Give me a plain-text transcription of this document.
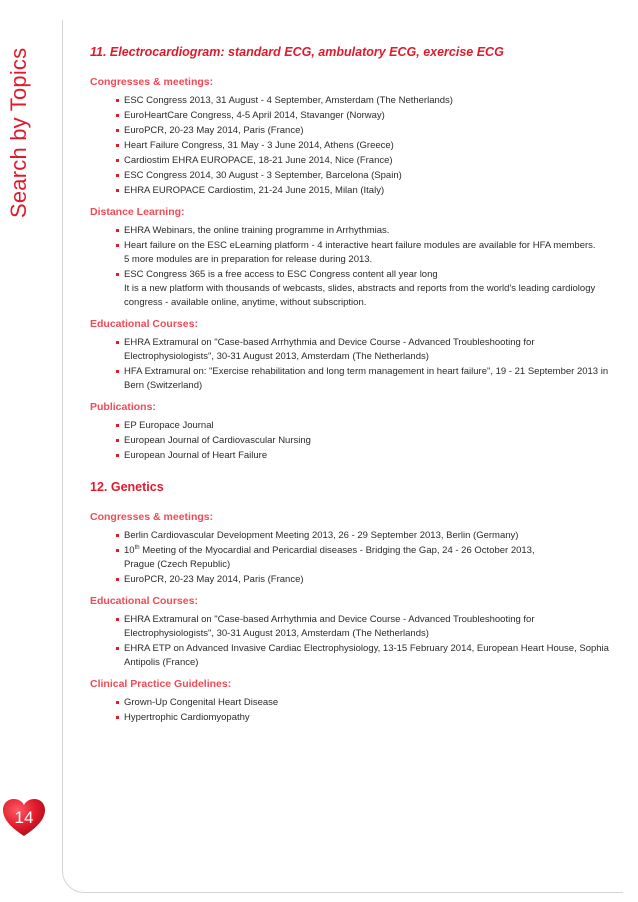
Search by Topics	11. Electrocardiogram: standard ECG, ambulatory ECG, exercise ECG
Congresses & meetings:
ESC Congress 2013, 31 August - 4 September, Amsterdam (The Netherlands)
EuroHeartCare Congress, 4-5 April 2014, Stavanger (Norway)
EuroPCR, 20-23 May 2014, Paris (France)
Heart Failure Congress, 31 May - 3 June 2014, Athens (Greece)
Cardiostim EHRA EUROPACE, 18-21 June 2014, Nice (France)
ESC Congress 2014, 30 August - 3 September, Barcelona (Spain)
EHRA EUROPACE Cardiostim, 21-24 June 2015, Milan (Italy)
Distance Learning:
EHRA Webinars, the online training programme in Arrhythmias.
Heart failure on the ESC eLearning platform - 4 interactive heart failure modules are available for HFA members.
5 more modules are in preparation for release during 2013.
ESC Congress 365 is a free access to ESC Congress content all year long
It is a new platform with thousands of webcasts, slides, abstracts and reports from the world's leading cardiology congress - available online, anytime, without subscription.
Educational Courses:
EHRA Extramural on "Case-based Arrhythmia and Device Course - Advanced Troubleshooting for Electrophysiologists", 30-31 August 2013, Amsterdam (The Netherlands)
HFA Extramural on: "Exercise rehabilitation and long term management in heart failure", 19 - 21 September 2013 in Bern (Switzerland)
Publications:
EP Europace Journal
European Journal of Cardiovascular Nursing
European Journal of Heart Failure
12. Genetics
Congresses & meetings:
Berlin Cardiovascular Development Meeting 2013, 26 - 29 September 2013, Berlin (Germany)
10th Meeting of the Myocardial and Pericardial diseases - Bridging the Gap, 24 - 26 October 2013,
Prague (Czech Republic)
EuroPCR, 20-23 May 2014, Paris (France)
Educational Courses:
EHRA Extramural on "Case-based Arrhythmia and Device Course - Advanced Troubleshooting for Electrophysiologists", 30-31 August 2013, Amsterdam (The Netherlands)
EHRA ETP on Advanced Invasive Cardiac Electrophysiology, 13-15 February 2014, European Heart House, Sophia Antipolis (France)
Clinical Practice Guidelines:
Grown-Up Congenital Heart Disease
Hypertrophic Cardiomyopathy
14
